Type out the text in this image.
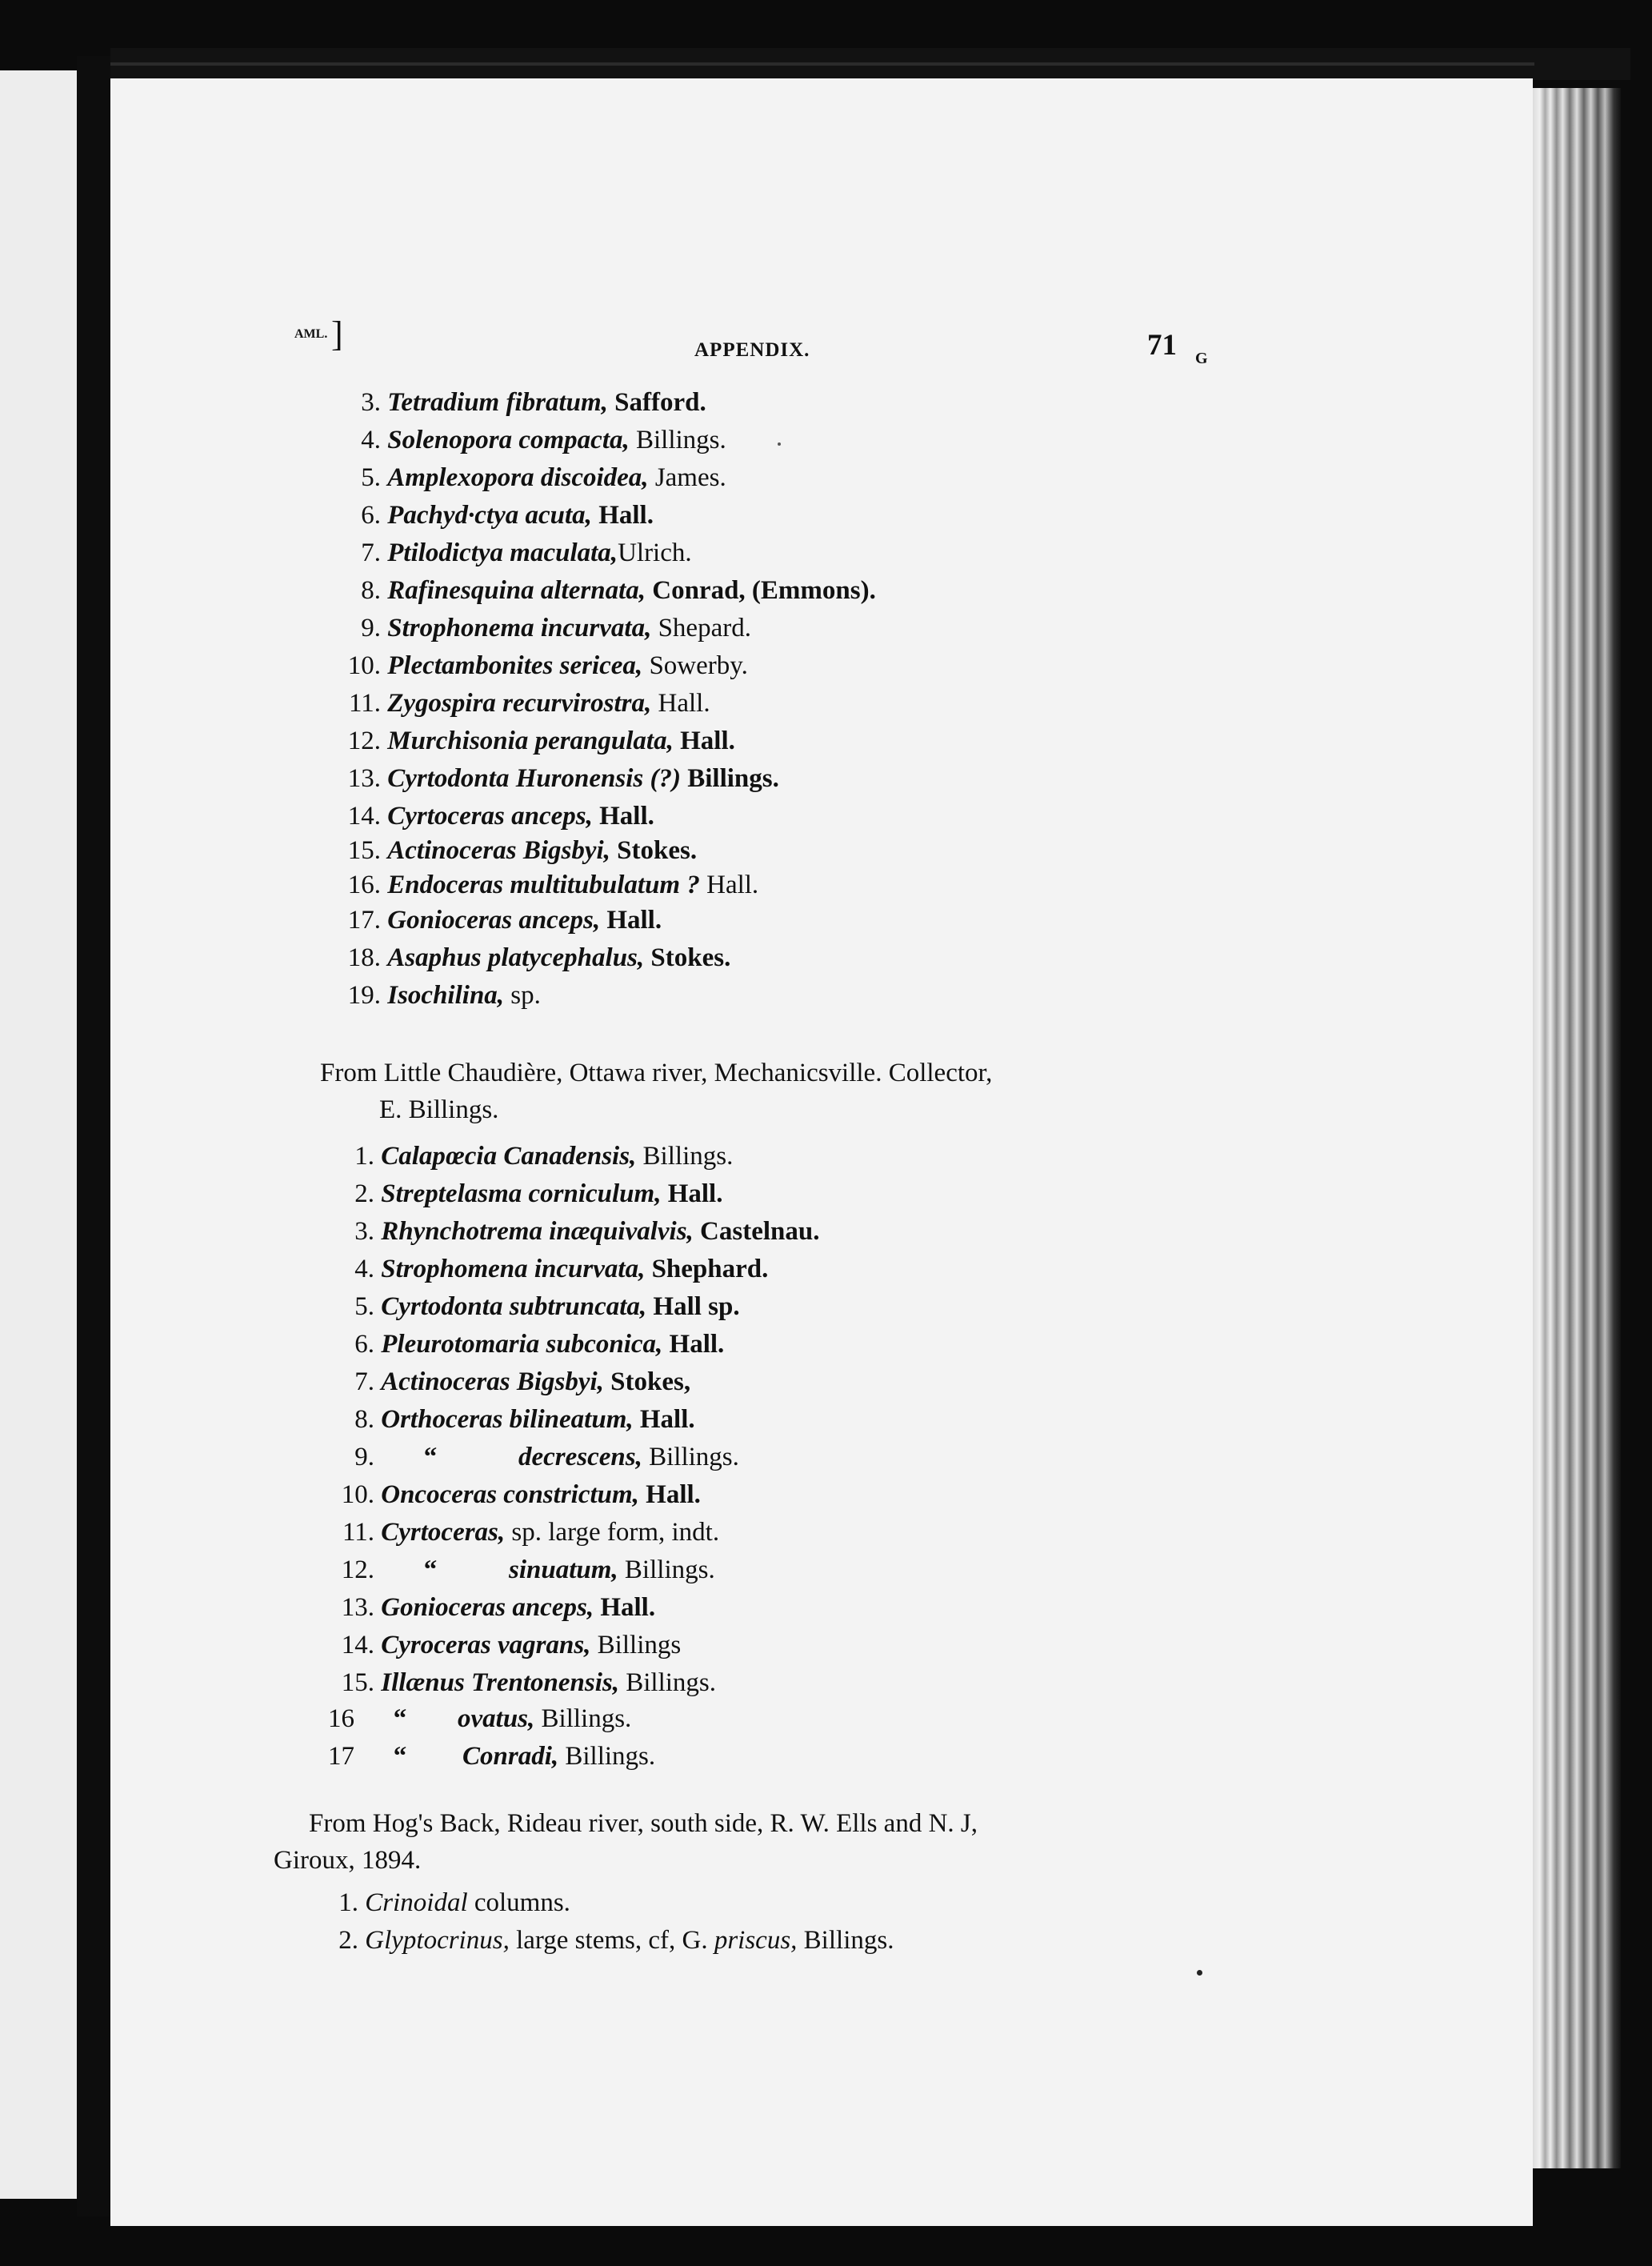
AML. ]	APPENDIX.	71 G
3. Tetradium fibratum, Safford.
4. Solenopora compacta, Billings.
5. Amplexopora discoidea, James.
6. Pachyd·ctya acuta, Hall.
7. Ptilodictya maculata,Ulrich.
8. Rafinesquina alternata, Conrad, (Emmons).
9. Strophonema incurvata, Shepard.
10. Plectambonites sericea, Sowerby.
11. Zygospira recurvirostra, Hall.
12. Murchisonia perangulata, Hall.
13. Cyrtodonta Huronensis (?) Billings.
14. Cyrtoceras anceps, Hall.
15. Actinoceras Bigsbyi, Stokes.
16. Endoceras multitubulatum ? Hall.
17. Gonioceras anceps, Hall.
18. Asaphus platycephalus, Stokes.
19. Isochilina, sp.
From Little Chaudière, Ottawa river, Mechanicsville. Collector,
E. Billings.
1. Calapœcia Canadensis, Billings.
2. Streptelasma corniculum, Hall.
3. Rhynchotrema inæquivalvis, Castelnau.
4. Strophomena incurvata, Shephard.
5. Cyrtodonta subtruncata, Hall sp.
6. Pleurotomaria subconica, Hall.
7. Actinoceras Bigsbyi, Stokes,
8. Orthoceras bilineatum, Hall.
9. “	decrescens, Billings.
10. Oncoceras constrictum, Hall.
11. Cyrtoceras, sp. large form, indt.
12. “	sinuatum, Billings.
13. Gonioceras anceps, Hall.
14. Cyroceras vagrans, Billings
15. Illænus Trentonensis, Billings.
16 “ ovatus, Billings.
17 “ Conradi, Billings.
From Hog's Back, Rideau river, south side, R. W. Ells and N. J,
Giroux, 1894.
1. Crinoidal columns.
2. Glyptocrinus, large stems, cf, G. priscus, Billings.
